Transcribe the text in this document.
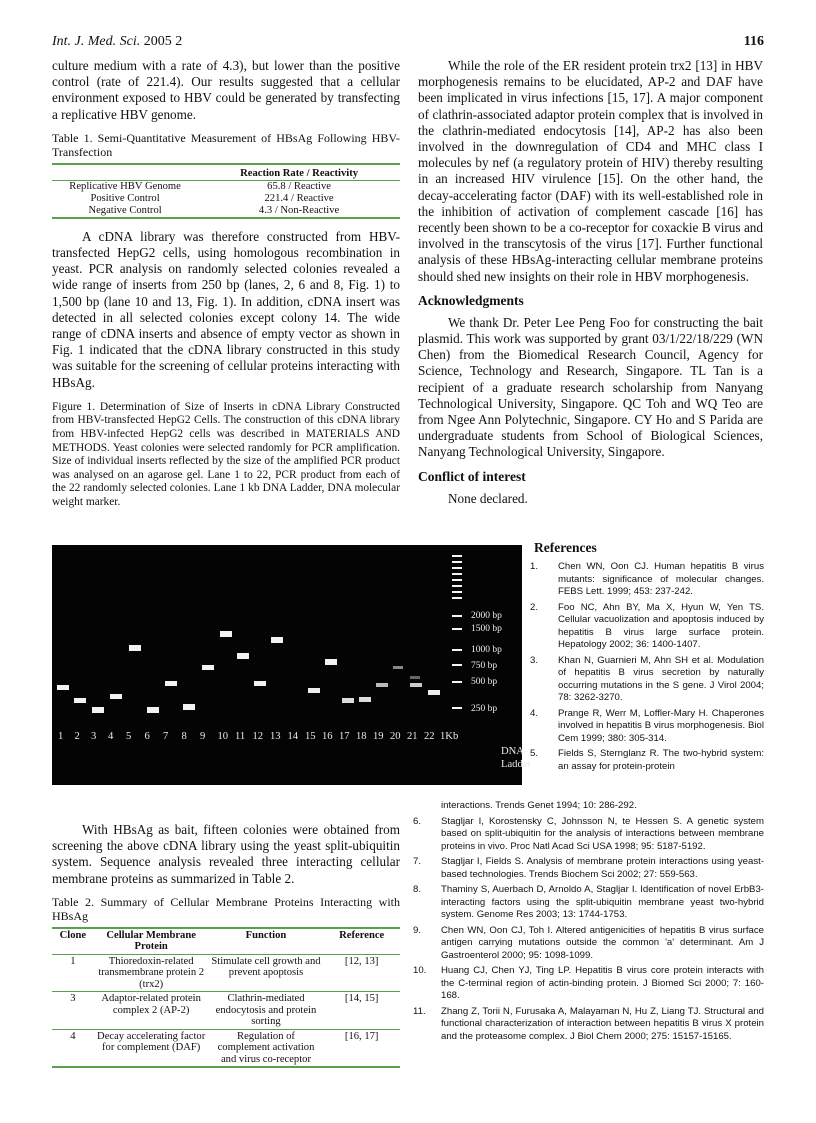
Int. J. Med. Sci. 2005 2	116

culture medium with a rate of 4.3), but lower than the positive control (rate of 221.4). Our results suggested that a cellular environment exposed to HBV could be generated by transfecting a replicative HBV genome.

Table 1. Semi-Quantitative Measurement of HBsAg Following HBV-Transfection

	Reaction Rate / Reactivity
Replicative HBV Genome	65.8 / Reactive
Positive Control	221.4 / Reactive
Negative Control	4.3 / Non-Reactive

A cDNA library was therefore constructed from HBV-transfected HepG2 cells, using homologous recombination in yeast. PCR analysis on randomly selected colonies revealed a wide range of inserts from 250 bp (lanes, 2, 6 and 8, Fig. 1) to 1,500 bp (lane 10 and 13, Fig. 1). In addition, cDNA insert was detected in all selected colonies except colony 14. The wide range of cDNA inserts and absence of empty vector as shown in Fig. 1 indicated that the cDNA library constructed in this study was suitable for the screening of cellular proteins interacting with HBsAg.

Figure 1. Determination of Size of Inserts in cDNA Library Constructed from HBV-transfected HepG2 Cells. The construction of this cDNA library from HBV-infected HepG2 cells was described in MATERIALS AND METHODS. Yeast colonies were selected randomly for PCR amplification. Size of individual inserts reflected by the size of the amplified PCR product was analysed on an agarose gel. Lane 1 to 22, PCR product from each of the 22 randomly selected colonies. Lane 1 kb DNA Ladder, DNA molecular weight marker.

2000 bp
1500 bp
1000 bp
750 bp
500 bp
250 bp
1 2 3 4 5 6 7 8 9 10 11 12 13 14 15 16 17 18 19 20 21 22 1Kb
DNA
Ladder

With HBsAg as bait, fifteen colonies were obtained from screening the above cDNA library using the yeast split-ubiquitin system. Sequence analysis revealed three interacting cellular membrane proteins as summarized in Table 2.

Table 2. Summary of Cellular Membrane Proteins Interacting with HBsAg

Clone	Cellular Membrane Protein	Function	Reference
1	Thioredoxin-related transmembrane protein 2 (trx2)	Stimulate cell growth and prevent apoptosis	[12, 13]
3	Adaptor-related protein complex 2 (AP-2)	Clathrin-mediated endocytosis and protein sorting	[14, 15]
4	Decay accelerating factor for complement (DAF)	Regulation of complement activation and virus co-receptor	[16, 17]

While the role of the ER resident protein trx2 [13] in HBV morphogenesis remains to be elucidated, AP-2 and DAF have been implicated in virus infections [15, 17]. A major component of clathrin-associated adaptor protein complex that is involved in the clathrin-mediated endocytosis [14], AP-2 has also been involved in the downregulation of CD4 and MHC class I molecules by nef (a regulatory protein of HIV) thereby resulting in an increased HIV virulence [15]. On the other hand, the decay-accelerating factor (DAF) with its well-established role in the inhibition of activation of complement cascade [16] has recently been shown to be a co-receptor for coxackie B virus and involved in the transcytosis of the virus [17]. Further functional analysis of these HBsAg-interacting cellular membrane proteins should shed new insights on their role in HBV morphogenesis.

Acknowledgments

We thank Dr. Peter Lee Peng Foo for constructing the bait plasmid. This work was supported by grant 03/1/22/18/229 (WN Chen) from the Biomedical Research Council, Agency for Science, Technology and Research, Singapore. TL Tan is a recipient of a graduate research scholarship from Nanyang Technological University, Singapore. QC Toh and WQ Teo are from Ngee Ann Polytechnic, Singapore. CY Ho and S Parida are undergraduate students from School of Biological Sciences, Nanyang Technological University, Singapore.

Conflict of interest

None declared.

References
1.	Chen WN, Oon CJ. Human hepatitis B virus mutants: significance of molecular changes. FEBS Lett. 1999; 453: 237-242.
2.	Foo NC, Ahn BY, Ma X, Hyun W, Yen TS. Cellular vacuolization and apoptosis induced by hepatitis B virus large surface protein. Hepatology 2002; 36: 1400-1407.
3.	Khan N, Guarnieri M, Ahn SH et al. Modulation of hepatitis B virus secretion by naturally occurring mutations in the S gene. J Virol 2004; 78: 3262-3270.
4.	Prange R, Werr M, Loffler-Mary H. Chaperones involved in hepatitis B virus morphogenesis. Biol Cem 1999; 380: 305-314.
5.	Fields S, Sternglanz R. The two-hybrid system: an assay for protein-protein
interactions. Trends Genet 1994; 10: 286-292.
6.	Stagljar I, Korostensky C, Johnsson N, te Hessen S. A genetic system based on split-ubiquitin for the analysis of interactions between membrane proteins in vivo. Proc Natl Acad Sci USA 1998; 95: 5187-5192.
7.	Stagljar I, Fields S. Analysis of membrane protein interactions using yeast-based technologies. Trends Biochem Sci 2002; 27: 559-563.
8.	Thaminy S, Auerbach D, Arnoldo A, Stagljar I. Identification of novel ErbB3-interacting factors using the split-ubiquitin membrane yeast two-hybrid system. Genome Res 2003; 13: 1744-1753.
9.	Chen WN, Oon CJ, Toh I. Altered antigenicities of hepatitis B virus surface antigen carrying mutations outside the common 'a' determinant. Am J Gastroenterol 2000; 95: 1098-1099.
10.	Huang CJ, Chen YJ, Ting LP. Hepatitis B virus core protein interacts with the C-terminal region of actin-binding protein. J Biomed Sci 2000; 7: 160-168.
11.	Zhang Z, Torii N, Furusaka A, Malayaman N, Hu Z, Liang TJ. Structural and functional characterization of interaction between hepatitis B virus X protein and the proteasome complex. J Biol Chem 2000; 275: 15157-15165.
